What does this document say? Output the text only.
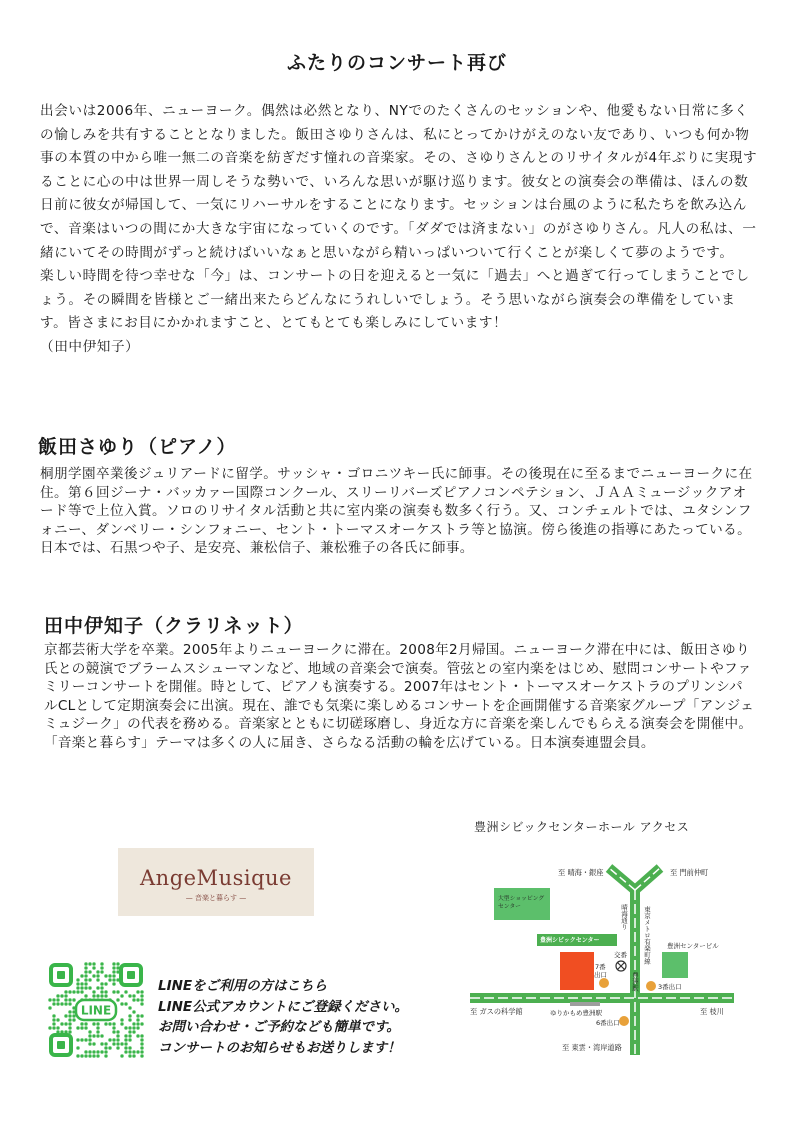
ふたりのコンサート再び

出会いは2006年、ニューヨーク。偶然は必然となり、NYでのたくさんのセッションや、他愛もない日常に多くの愉しみを共有することとなりました。飯田さゆりさんは、私にとってかけがえのない友であり、いつも何か物事の本質の中から唯一無二の音楽を紡ぎだす憧れの音楽家。その、さゆりさんとのリサイタルが4年ぶりに実現することに心の中は世界一周しそうな勢いで、いろんな思いが駆け巡ります。彼女との演奏会の準備は、ほんの数日前に彼女が帰国して、一気にリハーサルをすることになります。セッションは台風のように私たちを飲み込んで、音楽はいつの間にか大きな宇宙になっていくのです。「ダダでは済まない」のがさゆりさん。凡人の私は、一緒にいてその時間がずっと続けばいいなぁと思いながら精いっぱいついて行くことが楽しくて夢のようです。

楽しい時間を待つ幸せな「今」は、コンサートの日を迎えると一気に「過去」へと過ぎて行ってしまうことでしょう。その瞬間を皆様とご一緒出来たらどんなにうれしいでしょう。そう思いながら演奏会の準備をしています。皆さまにお目にかかれますこと、とてもとても楽しみにしています！

（田中伊知子）

飯田さゆり（ピアノ）

桐朋学園卒業後ジュリアードに留学。サッシャ・ゴロニツキー氏に師事。その後現在に至るまでニューヨークに在住。第６回ジーナ・バッカァー国際コンクール、スリーリバーズピアノコンペテション、ＪＡＡミュージックアオード等で上位入賞。ソロのリサイタル活動と共に室内楽の演奏も数多く行う。又、コンチェルトでは、ユタシンフォニー、ダンベリー・シンフォニー、セント・トーマスオーケストラ等と協演。傍ら後進の指導にあたっている。日本では、石黒つや子、是安亮、兼松信子、兼松雅子の各氏に師事。

田中伊知子（クラリネット）

京都芸術大学を卒業。2005年よりニューヨークに滞在。2008年2月帰国。ニューヨーク滞在中には、飯田さゆり氏との競演でブラームスシューマンなど、地域の音楽会で演奏。管弦との室内楽をはじめ、慰問コンサートやファミリーコンサートを開催。時として、ピアノも演奏する。2007年はセント・トーマスオーケストラのプリンシパルCLとして定期演奏会に出演。現在、誰でも気楽に楽しめるコンサートを企画開催する音楽家グループ「アンジェミュジーク」の代表を務める。音楽家とともに切磋琢磨し、身近な方に音楽を楽しんでもらえる演奏会を開催中。「音楽と暮らす」テーマは多くの人に届き、さらなる活動の輪を広げている。日本演奏連盟会員。

AngeMusique
— 音楽と暮らす —
LINE
LINEをご利用の方はこちら
LINE公式アカウントにご登録ください。
お問い合わせ・ご予約なども簡単です。
コンサートのお知らせもお送りします！
豊洲シビックセンターホール アクセス
至 晴海・銀座	至 門前仲町
大型ショッピング センター
豊洲シビックセンター
7番 出口
交番
豊洲センタービル
3番出口
至 ガスの科学館	至 枝川
ゆりかもめ豊洲駅
6番出口
至 東雲・湾岸道路
晴海通り 東京メトロ有楽町線
豊洲駅
